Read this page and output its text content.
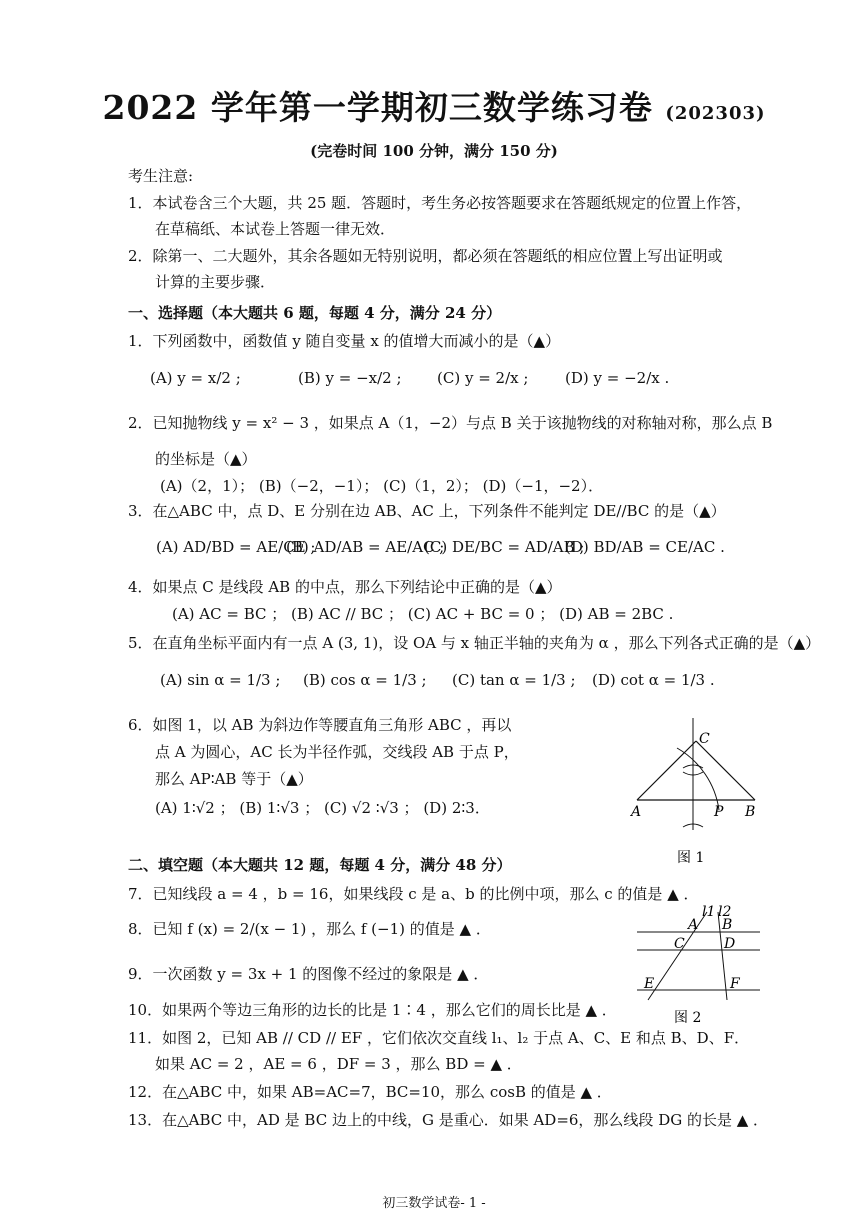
2022 学年第一学期初三数学练习卷 (202303)
(完卷时间 100 分钟，满分 150 分)
考生注意:
1．本试卷含三个大题，共 25 题．答题时，考生务必按答题要求在答题纸规定的位置上作答，
在草稿纸、本试卷上答题一律无效．
2．除第一、二大题外，其余各题如无特别说明，都必须在答题纸的相应位置上写出证明或
计算的主要步骤．
一、选择题（本大题共 6 题，每题 4 分，满分 24 分）
1．下列函数中，函数值 y 随自变量 x 的值增大而减小的是（▲）
(A) y = x/2 ;	(B) y = −x/2 ; (C) y = 2/x ; (D) y = −2/x .
2．已知抛物线 y = x² − 3 ，如果点 A（1，−2）与点 B 关于该抛物线的对称轴对称，那么点 B
的坐标是（▲）
(A)（2，1）； (B)（−2，−1）； (C)（1，2）； (D)（−1，−2）．
3．在△ABC 中，点 D、E 分别在边 AB、AC 上，下列条件不能判定 DE//BC 的是（▲）
(A) AD/BD = AE/CE ;
(B) AD/AB = AE/AC ;
(C) DE/BC = AD/AB ;
(D) BD/AB = CE/AC .
4．如果点 C 是线段 AB 的中点，那么下列结论中正确的是（▲）
(A) AC = BC ； (B) AC // BC ； (C) AC + BC = 0 ； (D) AB = 2BC .
5．在直角坐标平面内有一点 A (3, 1)，设 OA 与 x 轴正半轴的夹角为 α ，那么下列各式正确的是（▲）
(A) sin α = 1/3 ; (B) cos α = 1/3 ; (C) tan α = 1/3 ; (D) cot α = 1/3 .
6．如图 1，以 AB 为斜边作等腰直角三角形 ABC ，再以
点 A 为圆心，AC 长为半径作弧，交线段 AB 于点 P，
那么 AP∶AB 等于（▲）
(A) 1∶√2 ； (B) 1∶√3 ； (C) √2 ∶√3 ； (D) 2∶3．
C
A	P B
图 1
二、填空题（本大题共 12 题，每题 4 分，满分 48 分）
7．已知线段 a = 4 ，b = 16，如果线段 c 是 a、b 的比例中项，那么 c 的值是 ▲ ．
8．已知 f (x) = 2/(x − 1) ，那么 f (−1) 的值是 ▲ ．
9．一次函数 y = 3x + 1 的图像不经过的象限是 ▲ ．
10．如果两个等边三角形的边长的比是 1∶4 ，那么它们的周长比是 ▲ ．
11．如图 2，已知 AB // CD // EF ，它们依次交直线 l₁、l₂ 于点 A、C、E 和点 B、D、F．
如果 AC = 2 ，AE = 6 ，DF = 3 ，那么 BD = ▲ ．
12．在△ABC 中，如果 AB=AC=7，BC=10，那么 cosB 的值是 ▲ ．
13．在△ABC 中，AD 是 BC 边上的中线，G 是重心．如果 AD=6，那么线段 DG 的长是 ▲ ．
l1 l2
A B
C	D
E	F
图 2
初三数学试卷- 1 -
